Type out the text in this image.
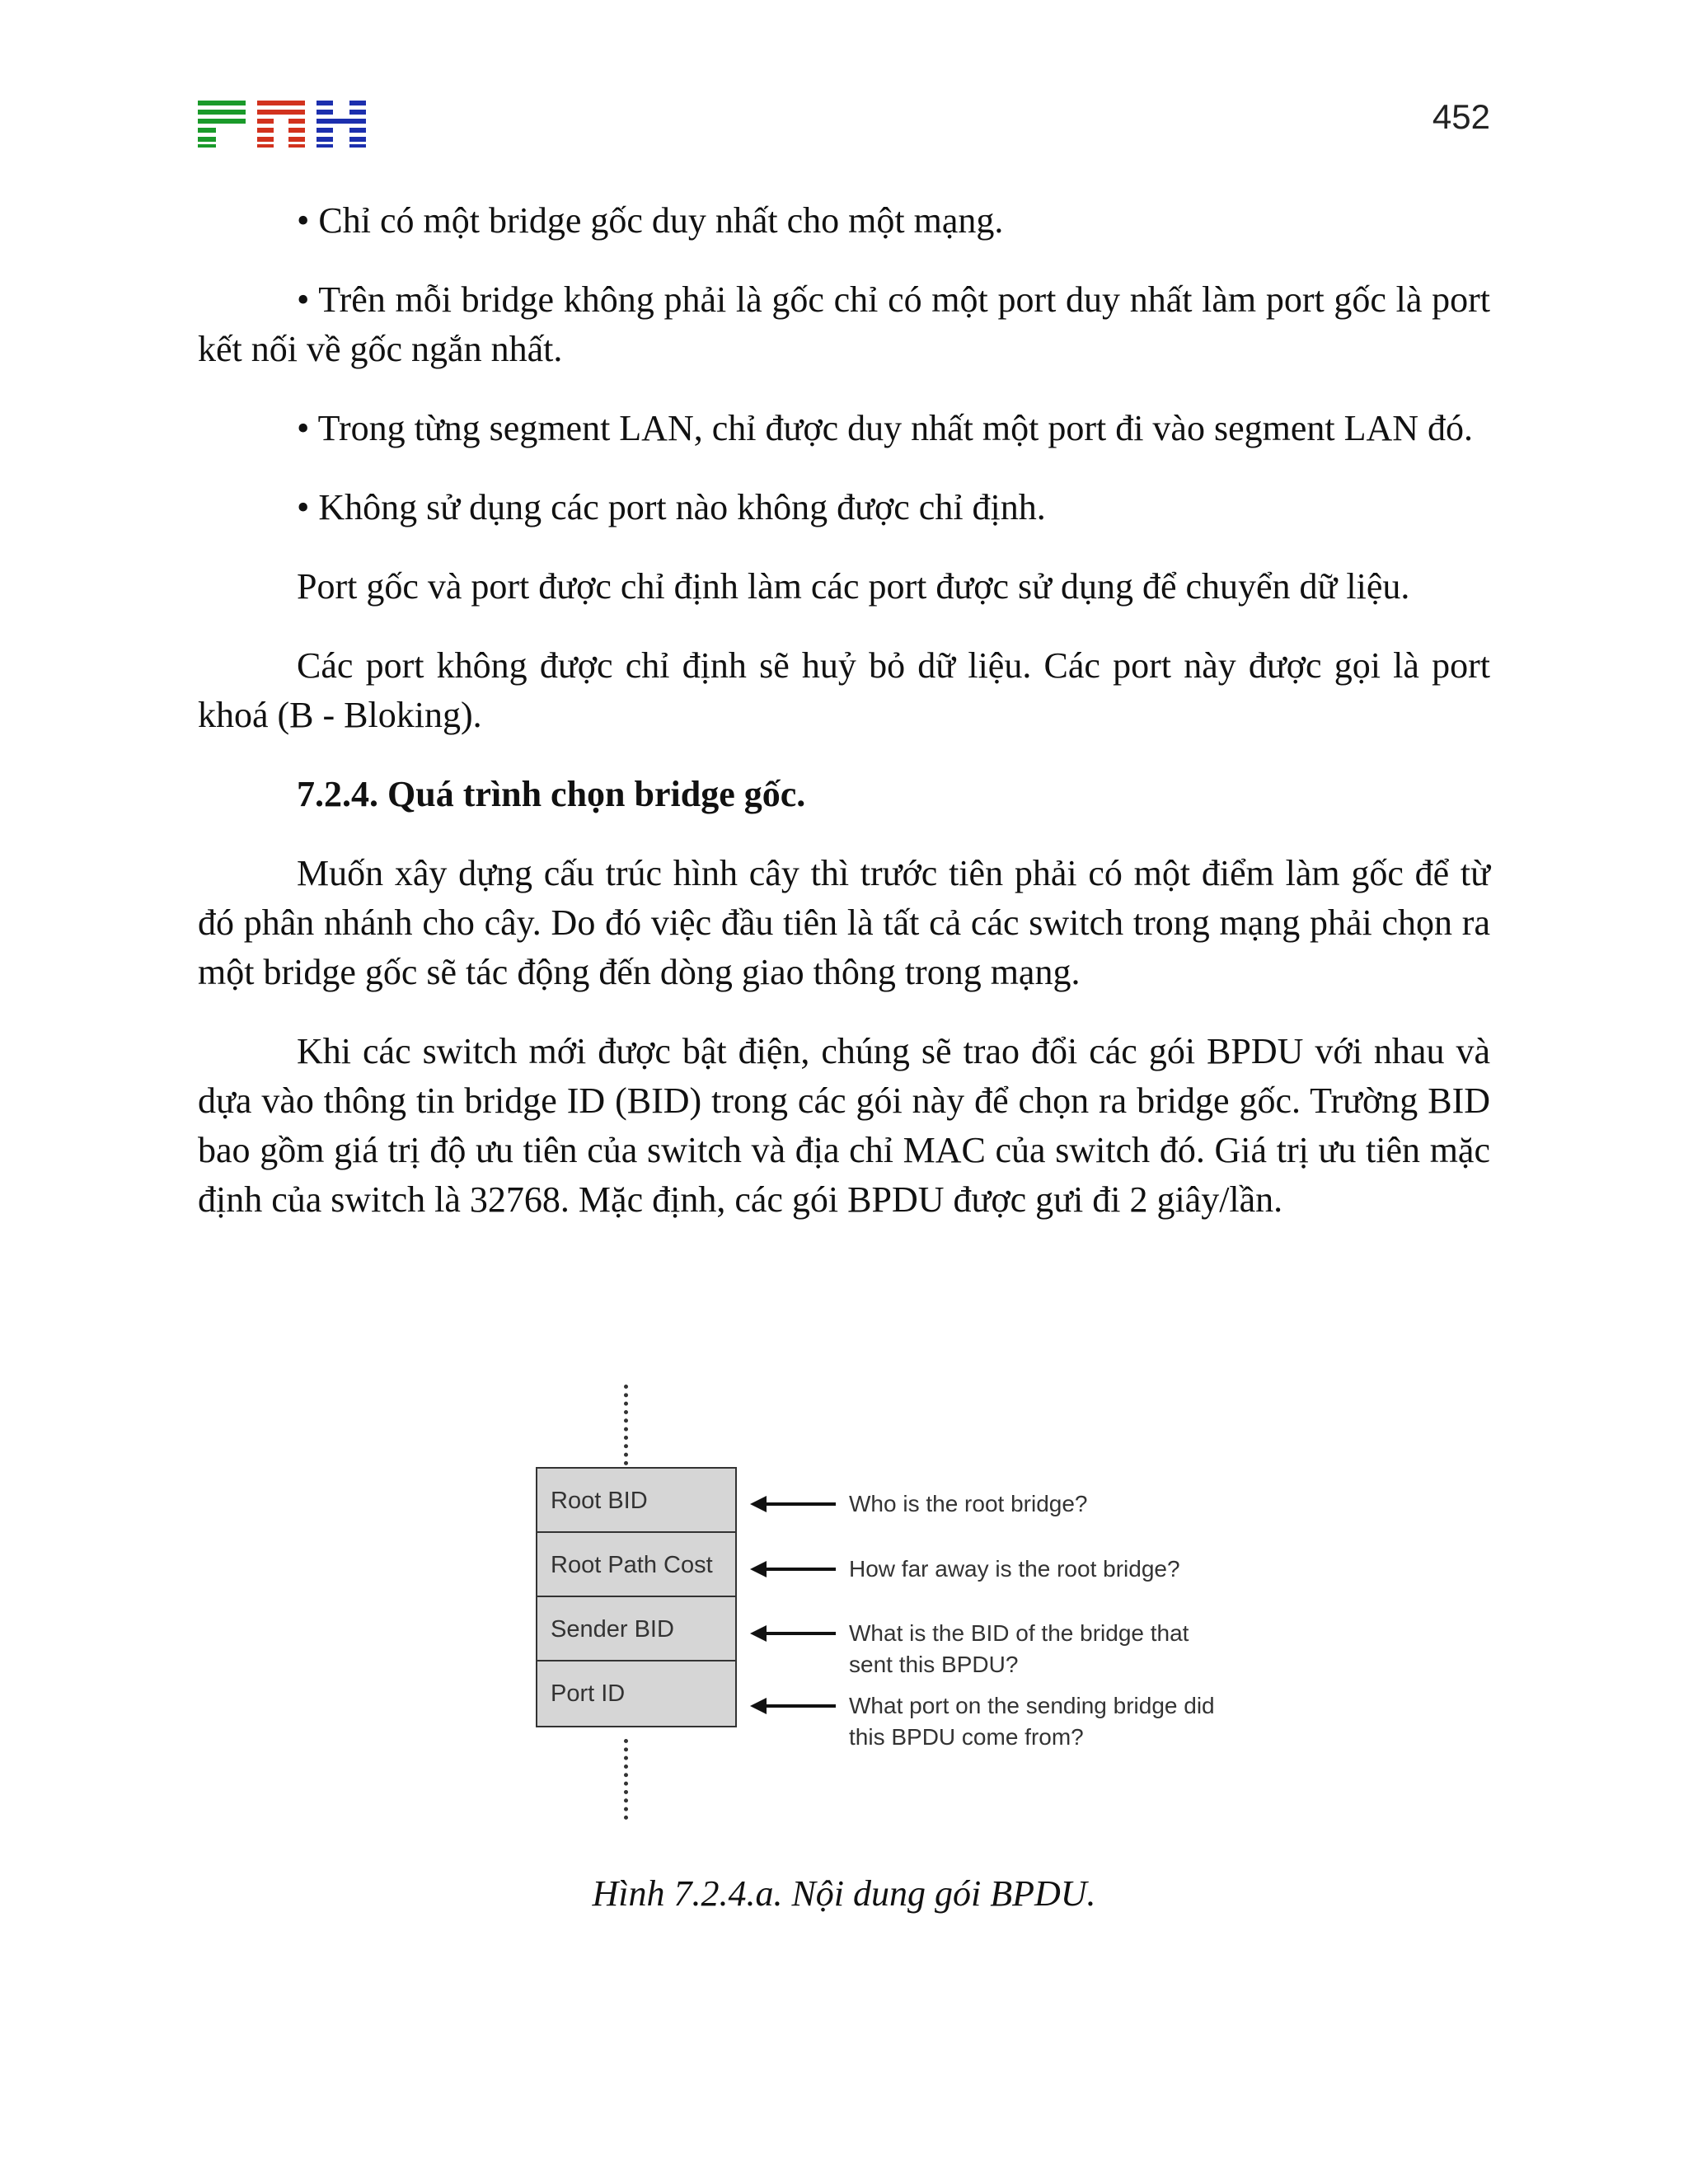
452

• Chỉ có một bridge gốc duy nhất cho một mạng.

• Trên mỗi bridge không phải là gốc chỉ có một port duy nhất làm port gốc là port kết nối về gốc ngắn nhất.

• Trong từng segment LAN, chỉ được duy nhất một port đi vào segment LAN đó.

• Không sử dụng các port nào không được chỉ định.

Port gốc và port được chỉ định làm các port được sử dụng để chuyển dữ liệu.

Các port không được chỉ định sẽ huỷ bỏ dữ liệu. Các port này được gọi là port khoá (B - Bloking).

7.2.4. Quá trình chọn bridge gốc.

Muốn xây dựng cấu trúc hình cây thì trước tiên phải có một điểm làm gốc để từ đó phân nhánh cho cây. Do đó việc đầu tiên là tất cả các switch trong mạng phải chọn ra một bridge gốc sẽ tác động đến dòng giao thông trong mạng.

Khi các switch mới được bật điện, chúng sẽ trao đổi các gói BPDU với nhau và dựa vào thông tin bridge ID (BID) trong các gói này để chọn ra bridge gốc. Trường BID bao gồm giá trị độ ưu tiên của switch và địa chỉ MAC của switch đó. Giá trị ưu tiên mặc định của switch là 32768. Mặc định, các gói BPDU được gưi đi 2 giây/lần.

Root BID
Root Path Cost
Sender BID
Port ID
Who is the root bridge?
How far away is the root bridge?
What is the BID of the bridge that sent this BPDU?
What port on the sending bridge did this BPDU come from?
Hình 7.2.4.a. Nội dung gói BPDU.
